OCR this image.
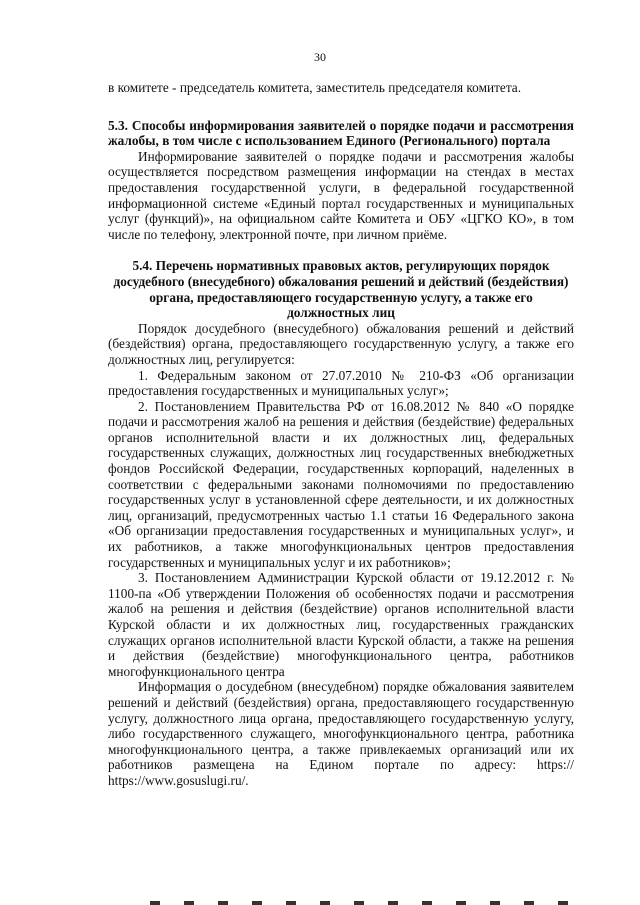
30

в комитете - председатель комитета, заместитель председателя комитета.

5.3. Способы информирования заявителей о порядке подачи и рассмотрения жалобы, в том числе с использованием Единого (Регионального) портала

Информирование заявителей о порядке подачи и рассмотрения жалобы осуществляется посредством размещения информации на стендах в местах предоставления государственной услуги, в федеральной государственной информационной системе «Единый портал государственных и муниципальных услуг (функций)», на официальном сайте Комитета и ОБУ «ЦГКО КО», в том числе по телефону, электронной почте, при личном приёме.

5.4. Перечень нормативных правовых актов, регулирующих порядок досудебного (внесудебного) обжалования решений и действий (бездействия) органа, предоставляющего государственную услугу, а также его должностных лиц

Порядок досудебного (внесудебного) обжалования решений и действий (бездействия) органа, предоставляющего государственную услугу, а также его должностных лиц, регулируется:

1. Федеральным законом от 27.07.2010 № 210-ФЗ «Об организации предоставления государственных и муниципальных услуг»;

2. Постановлением Правительства РФ от 16.08.2012 № 840 «О порядке подачи и рассмотрения жалоб на решения и действия (бездействие) федеральных органов исполнительной власти и их должностных лиц, федеральных государственных служащих, должностных лиц государственных внебюджетных фондов Российской Федерации, государственных корпораций, наделенных в соответствии с федеральными законами полномочиями по предоставлению государственных услуг в установленной сфере деятельности, и их должностных лиц, организаций, предусмотренных частью 1.1 статьи 16 Федерального закона «Об организации предоставления государственных и муниципальных услуг», и их работников, а также многофункциональных центров предоставления государственных и муниципальных услуг и их работников»;

3. Постановлением Администрации Курской области от 19.12.2012 г. № 1100-па «Об утверждении Положения об особенностях подачи и рассмотрения жалоб на решения и действия (бездействие) органов исполнительной власти Курской области и их должностных лиц, государственных гражданских служащих органов исполнительной власти Курской области, а также на решения и действия (бездействие) многофункционального центра, работников многофункционального центра

Информация о досудебном (внесудебном) порядке обжалования заявителем решений и действий (бездействия) органа, предоставляющего государственную услугу, должностного лица органа, предоставляющего государственную услугу, либо государственного служащего, многофункционального центра, работника многофункционального центра, а также привлекаемых организаций или их работников размещена на Едином портале по адресу: https:// https://www.gosuslugi.ru/.
